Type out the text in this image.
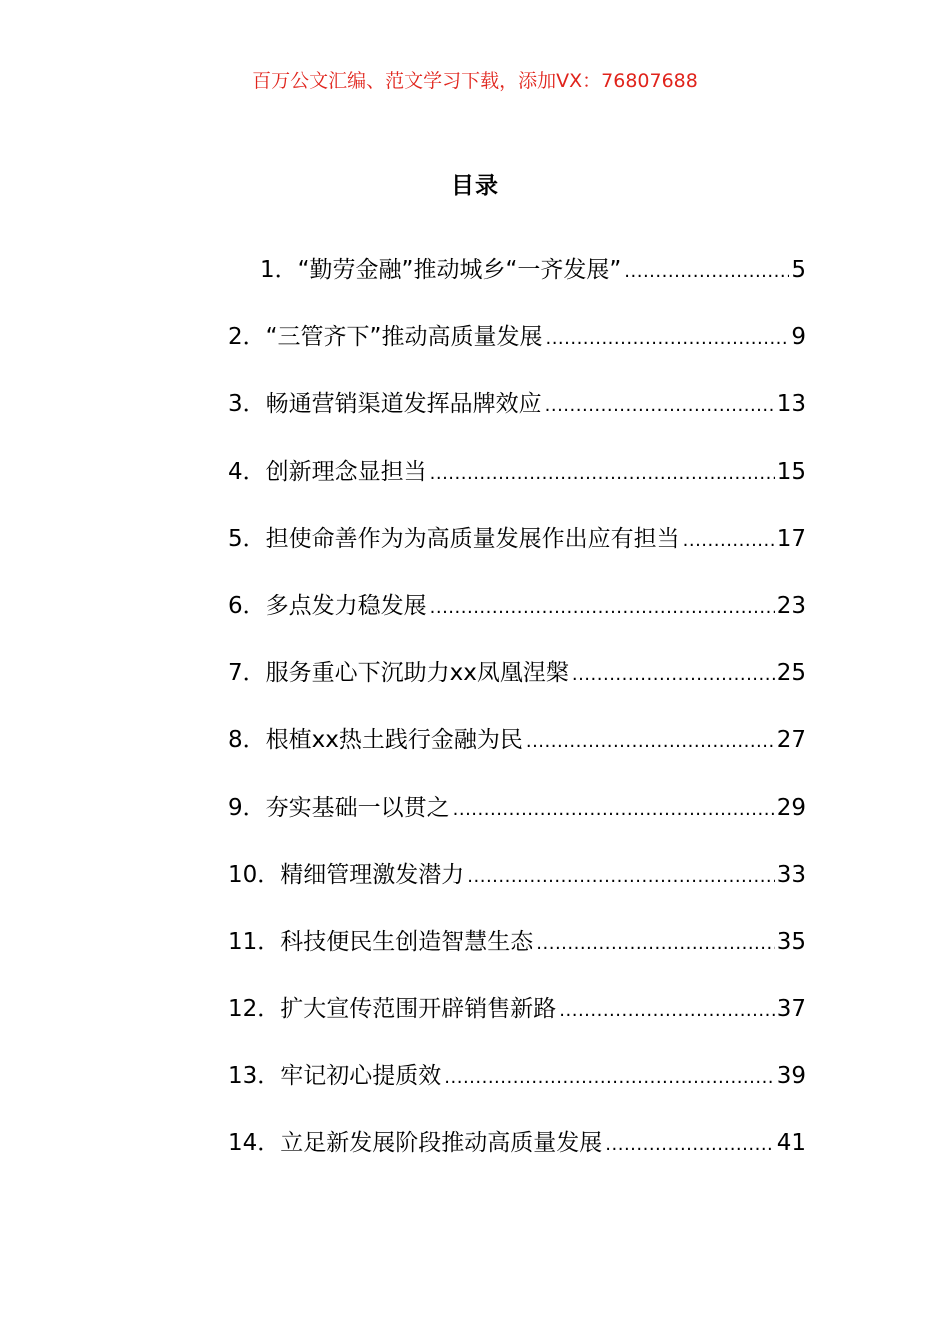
百万公文汇编、范文学习下载，添加VX：76807688
目录
1．“勤劳金融”推动城乡“一齐发展” .....	5
2．“三管齐下”推动高质量发展 .....	9
3．畅通营销渠道发挥品牌效应 .....	13
4．创新理念显担当 .....	15
5．担使命善作为为高质量发展作出应有担当 .....	17
6．多点发力稳发展 .....	23
7．服务重心下沉助力xx凤凰涅槃 .....	25
8．根植xx热土践行金融为民 .....	27
9．夯实基础一以贯之 .....	29
10．精细管理激发潜力 .....	33
11．科技便民生创造智慧生态 .....	35
12．扩大宣传范围开辟销售新路 .....	37
13．牢记初心提质效 .....	39
14．立足新发展阶段推动高质量发展 .....	41
